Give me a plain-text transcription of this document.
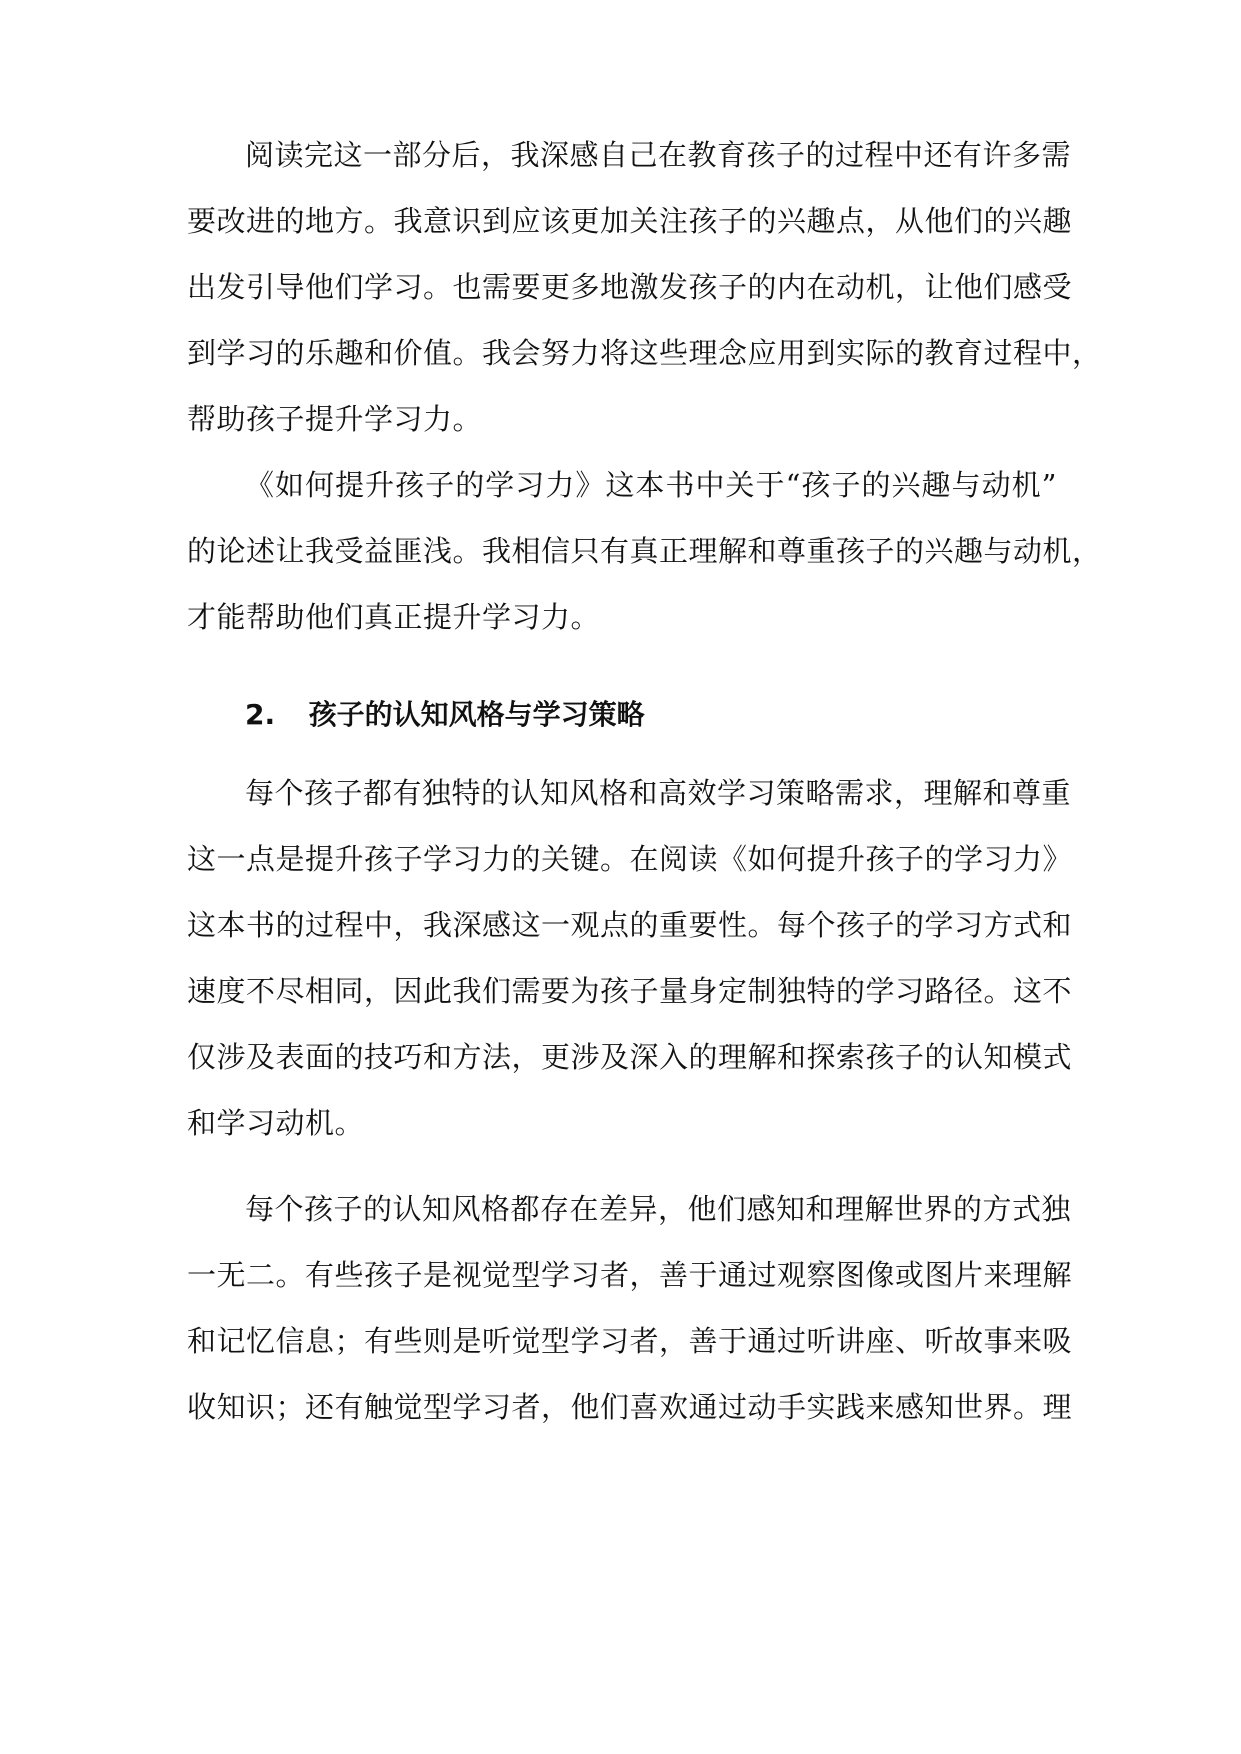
阅读完这一部分后，我深感自己在教育孩子的过程中还有许多需
要改进的地方。我意识到应该更加关注孩子的兴趣点，从他们的兴趣
出发引导他们学习。也需要更多地激发孩子的内在动机，让他们感受
到学习的乐趣和价值。我会努力将这些理念应用到实际的教育过程中，
帮助孩子提升学习力。
《如何提升孩子的学习力》这本书中关于“孩子的兴趣与动机”
的论述让我受益匪浅。我相信只有真正理解和尊重孩子的兴趣与动机，
才能帮助他们真正提升学习力。
2. 孩子的认知风格与学习策略
每个孩子都有独特的认知风格和高效学习策略需求，理解和尊重
这一点是提升孩子学习力的关键。在阅读《如何提升孩子的学习力》
这本书的过程中，我深感这一观点的重要性。每个孩子的学习方式和
速度不尽相同，因此我们需要为孩子量身定制独特的学习路径。这不
仅涉及表面的技巧和方法，更涉及深入的理解和探索孩子的认知模式
和学习动机。
每个孩子的认知风格都存在差异，他们感知和理解世界的方式独
一无二。有些孩子是视觉型学习者，善于通过观察图像或图片来理解
和记忆信息；有些则是听觉型学习者，善于通过听讲座、听故事来吸
收知识；还有触觉型学习者，他们喜欢通过动手实践来感知世界。理
